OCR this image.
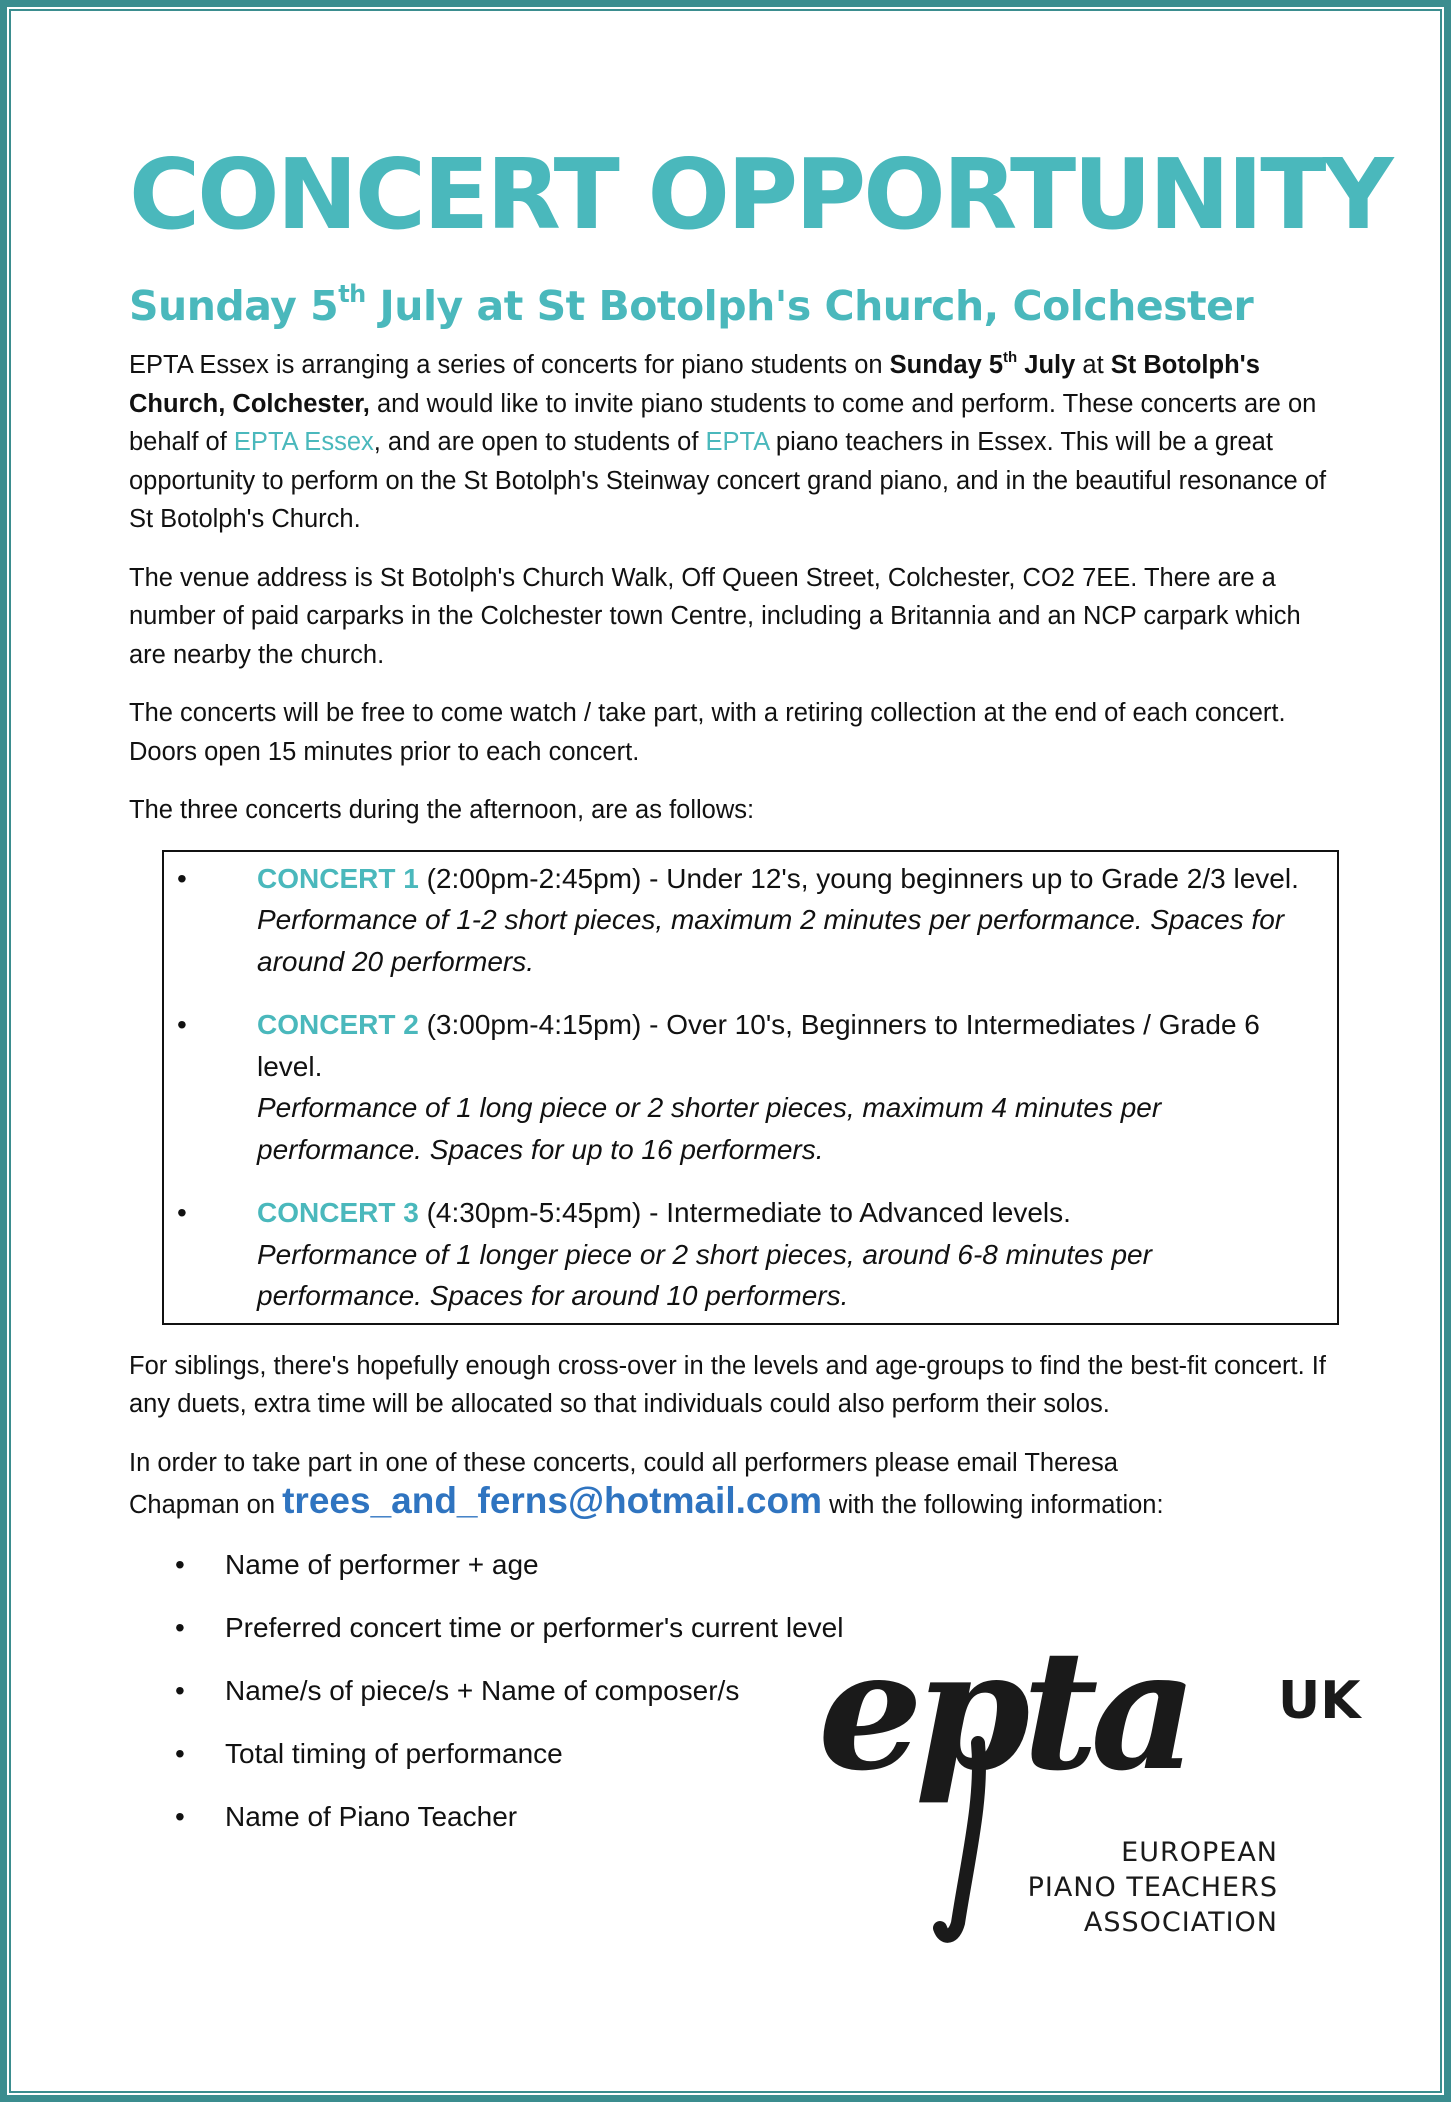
CONCERT OPPORTUNITY
Sunday 5th July at St Botolph's Church, Colchester

EPTA Essex is arranging a series of concerts for piano students on Sunday 5th July at St Botolph's Church, Colchester, and would like to invite piano students to come and perform. These concerts are on behalf of EPTA Essex, and are open to students of EPTA piano teachers in Essex. This will be a great opportunity to perform on the St Botolph's Steinway concert grand piano, and in the beautiful resonance of St Botolph's Church.

The venue address is St Botolph's Church Walk, Off Queen Street, Colchester, CO2 7EE. There are a number of paid carparks in the Colchester town Centre, including a Britannia and an NCP carpark which are nearby the church.

The concerts will be free to come watch / take part, with a retiring collection at the end of each concert. Doors open 15 minutes prior to each concert.

The three concerts during the afternoon, are as follows:

• CONCERT 1 (2:00pm-2:45pm) - Under 12's, young beginners up to Grade 2/3 level.
Performance of 1-2 short pieces, maximum 2 minutes per performance. Spaces for around 20 performers.
• CONCERT 2 (3:00pm-4:15pm) - Over 10's, Beginners to Intermediates / Grade 6 level.
Performance of 1 long piece or 2 shorter pieces, maximum 4 minutes per performance. Spaces for up to 16 performers.
• CONCERT 3 (4:30pm-5:45pm) - Intermediate to Advanced levels.
Performance of 1 longer piece or 2 short pieces, around 6-8 minutes per performance. Spaces for around 10 performers.

For siblings, there's hopefully enough cross-over in the levels and age-groups to find the best-fit concert. If any duets, extra time will be allocated so that individuals could also perform their solos.

In order to take part in one of these concerts, could all performers please email Theresa Chapman on trees_and_ferns@hotmail.com with the following information:

• Name of performer + age
• Preferred concert time or performer's current level
• Name/s of piece/s + Name of composer/s
• Total timing of performance
• Name of Piano Teacher
epta UK
EUROPEAN
PIANO TEACHERS
ASSOCIATION
